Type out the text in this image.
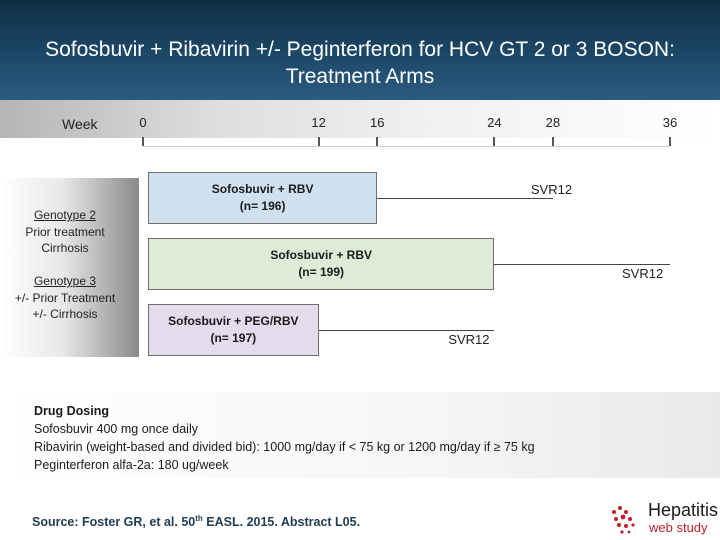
Sofosbuvir + Ribavirin +/- Peginterferon for HCV GT 2 or 3 BOSON: Treatment Arms
Week	0	12	16	24	28	36
Genotype 2
Prior treatment
Cirrhosis
Genotype 3
+/- Prior Treatment
+/- Cirrhosis
Sofosbuvir + RBV
(n= 196)
SVR12
Sofosbuvir + RBV
(n= 199)	SVR12
Sofosbuvir + PEG/RBV
(n= 197)	SVR12
Drug Dosing
Sofosbuvir 400 mg once daily
Ribavirin (weight-based and divided bid): 1000 mg/day if < 75 kg or 1200 mg/day if ≥ 75 kg
Peginterferon alfa-2a: 180 ug/week
Source: Foster GR, et al. 50th EASL. 2015. Abstract L05.
Hepatitis
web study
